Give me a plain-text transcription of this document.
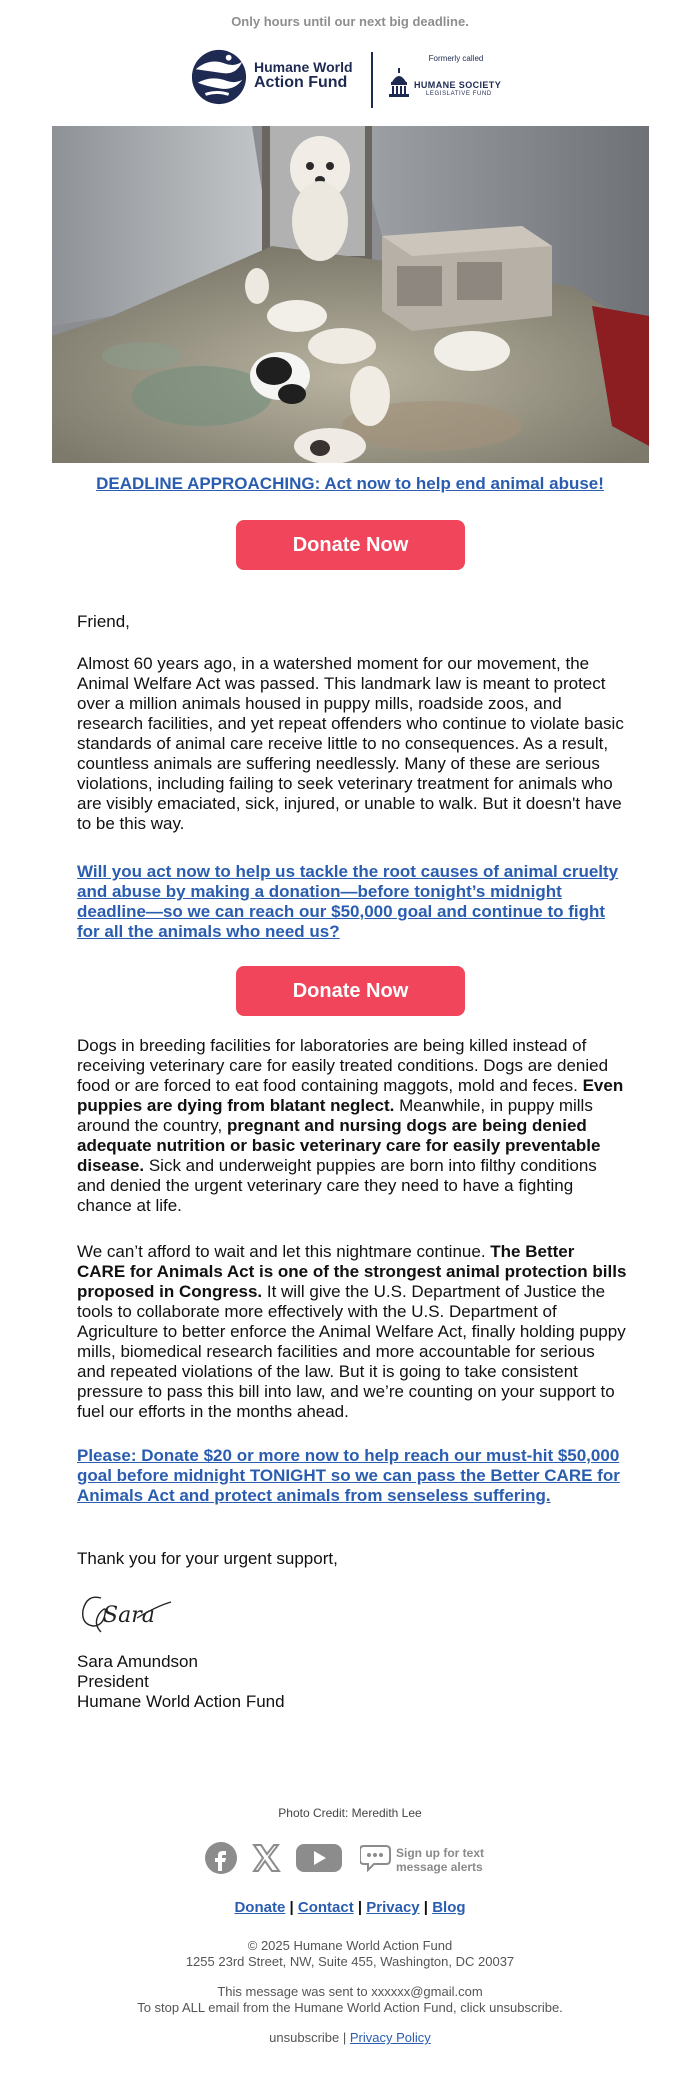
Only hours until our next big deadline.
Humane World
Action Fund
Formerly called
HUMANE SOCIETY
LEGISLATIVE FUND
DEADLINE APPROACHING: Act now to help end animal abuse!
Donate Now
Friend,
Almost 60 years ago, in a watershed moment for our movement, the Animal Welfare Act was passed. This landmark law is meant to protect over a million animals housed in puppy mills, roadside zoos, and research facilities, and yet repeat offenders who continue to violate basic standards of animal care receive little to no consequences. As a result, countless animals are suffering needlessly. Many of these are serious violations, including failing to seek veterinary treatment for animals who are visibly emaciated, sick, injured, or unable to walk. But it doesn't have to be this way.
Will you act now to help us tackle the root causes of animal cruelty and abuse by making a donation—before tonight’s midnight deadline—so we can reach our $50,000 goal and continue to fight for all the animals who need us?
Donate Now
Dogs in breeding facilities for laboratories are being killed instead of receiving veterinary care for easily treated conditions. Dogs are denied food or are forced to eat food containing maggots, mold and feces. Even puppies are dying from blatant neglect. Meanwhile, in puppy mills around the country, pregnant and nursing dogs are being denied adequate nutrition or basic veterinary care for easily preventable disease. Sick and underweight puppies are born into filthy conditions and denied the urgent veterinary care they need to have a fighting chance at life.
We can’t afford to wait and let this nightmare continue. The Better CARE for Animals Act is one of the strongest animal protection bills proposed in Congress. It will give the U.S. Department of Justice the tools to collaborate more effectively with the U.S. Department of Agriculture to better enforce the Animal Welfare Act, finally holding puppy mills, biomedical research facilities and more accountable for serious and repeated violations of the law. But it is going to take consistent pressure to pass this bill into law, and we’re counting on your support to fuel our efforts in the months ahead.
Please: Donate $20 or more now to help reach our must-hit $50,000 goal before midnight TONIGHT so we can pass the Better CARE for Animals Act and protect animals from senseless suffering.
Thank you for your urgent support,
Sara
Sara Amundson
President
Humane World Action Fund
Photo Credit: Meredith Lee
Sign up for text
message alerts
Donate | Contact | Privacy | Blog
© 2025 Humane World Action Fund
1255 23rd Street, NW, Suite 455, Washington, DC 20037
This message was sent to xxxxxx@gmail.com
To stop ALL email from the Humane World Action Fund, click unsubscribe.
unsubscribe | Privacy Policy
